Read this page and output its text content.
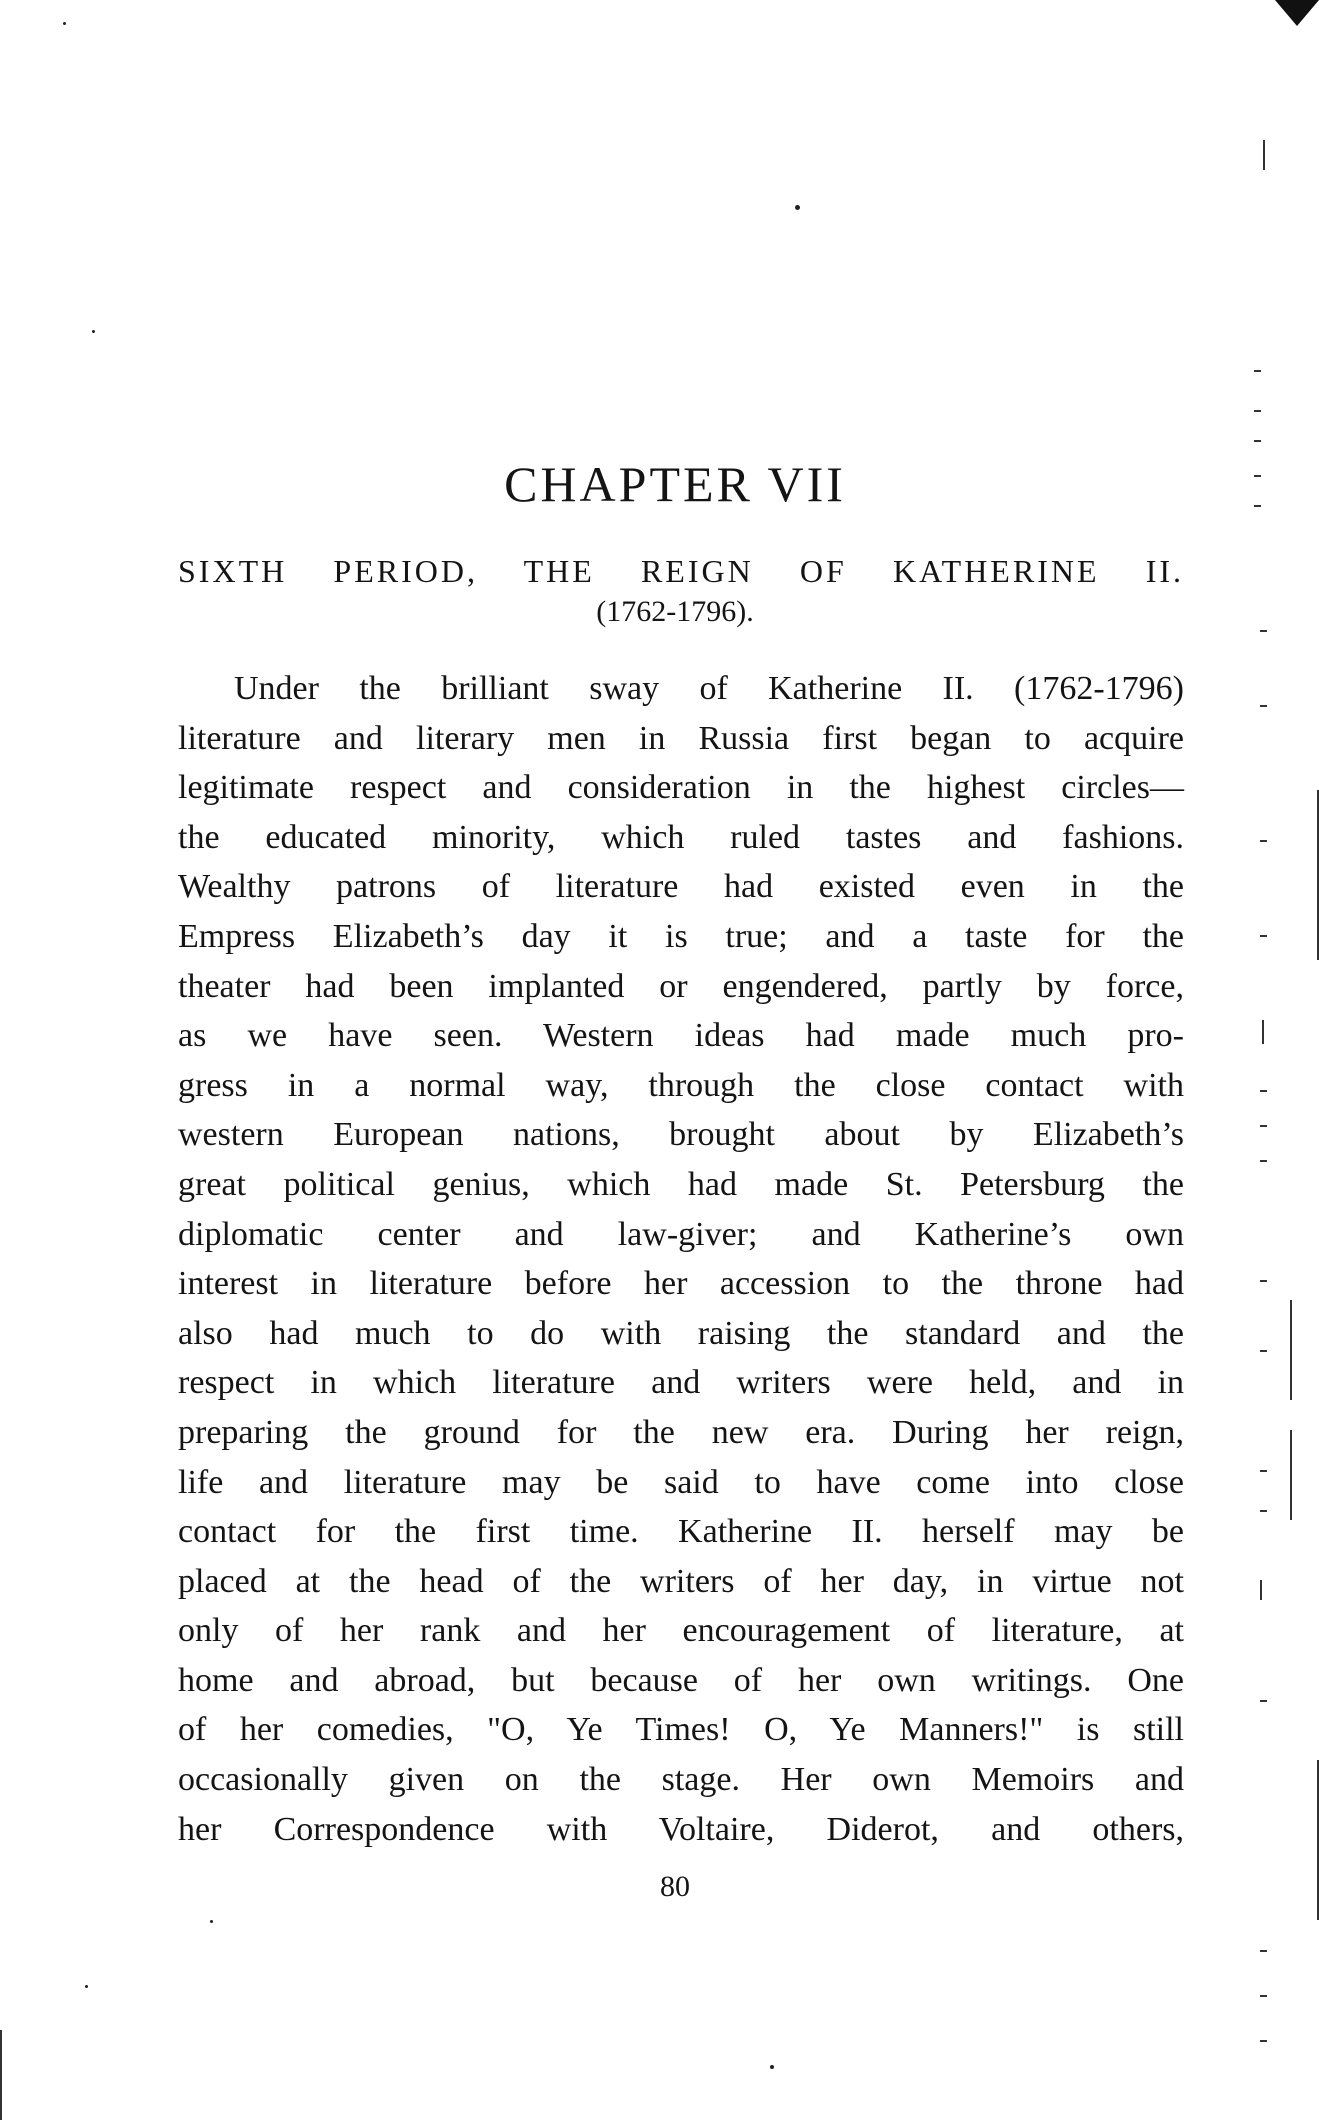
CHAPTER VII
SIXTH PERIOD, THE REIGN OF KATHERINE II.

(1762-1796).

Under the brilliant sway of Katherine II. (1762-1796)
literature and literary men in Russia first began to acquire
legitimate respect and consideration in the highest circles—
the educated minority, which ruled tastes and fashions.
Wealthy patrons of literature had existed even in the
Empress Elizabeth’s day it is true; and a taste for the
theater had been implanted or engendered, partly by force,
as we have seen. Western ideas had made much pro-
gress in a normal way, through the close contact with
western European nations, brought about by Elizabeth’s
great political genius, which had made St. Petersburg the
diplomatic center and law-giver; and Katherine’s own
interest in literature before her accession to the throne had
also had much to do with raising the standard and the
respect in which literature and writers were held, and in
preparing the ground for the new era. During her reign,
life and literature may be said to have come into close
contact for the first time. Katherine II. herself may be
placed at the head of the writers of her day, in virtue not
only of her rank and her encouragement of literature, at
home and abroad, but because of her own writings. One
of her comedies, "O, Ye Times! O, Ye Manners!" is still
occasionally given on the stage. Her own Memoirs and
her Correspondence with Voltaire, Diderot, and others,

80
